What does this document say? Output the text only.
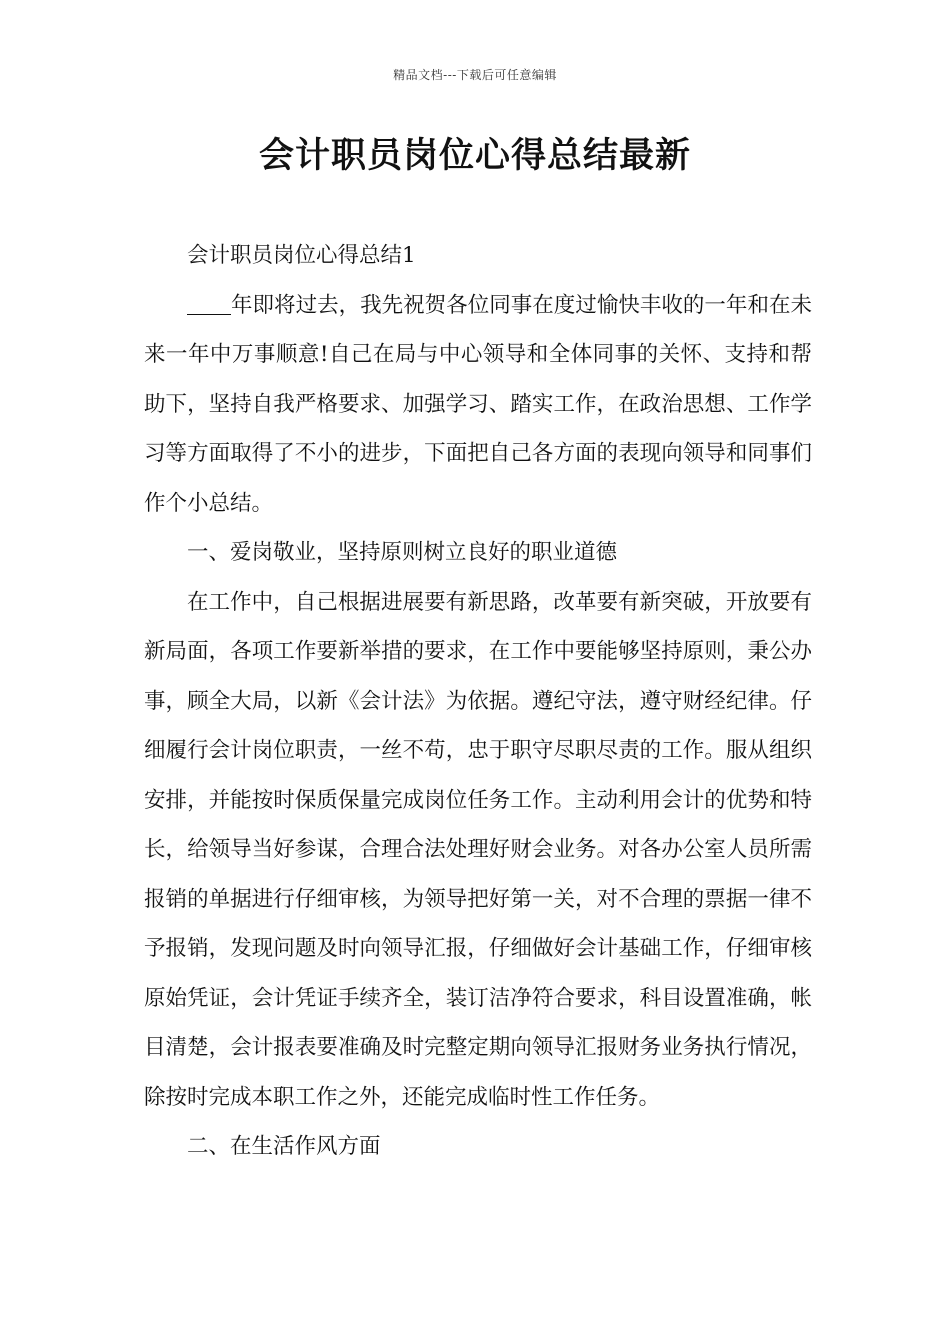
精品文档---下载后可任意编辑
会计职员岗位心得总结最新

会计职员岗位心得总结1

年即将过去，我先祝贺各位同事在度过愉快丰收的一年和在未来一年中万事顺意!自己在局与中心领导和全体同事的关怀、支持和帮助下，坚持自我严格要求、加强学习、踏实工作，在政治思想、工作学习等方面取得了不小的进步，下面把自己各方面的表现向领导和同事们作个小总结。

一、爱岗敬业，坚持原则树立良好的职业道德

在工作中，自己根据进展要有新思路，改革要有新突破，开放要有新局面，各项工作要新举措的要求，在工作中要能够坚持原则，秉公办事，顾全大局，以新《会计法》为依据。遵纪守法，遵守财经纪律。仔细履行会计岗位职责，一丝不苟，忠于职守尽职尽责的工作。服从组织安排，并能按时保质保量完成岗位任务工作。主动利用会计的优势和特长，给领导当好参谋，合理合法处理好财会业务。对各办公室人员所需报销的单据进行仔细审核，为领导把好第一关，对不合理的票据一律不予报销，发现问题及时向领导汇报，仔细做好会计基础工作，仔细审核原始凭证，会计凭证手续齐全，装订洁净符合要求，科目设置准确，帐目清楚，会计报表要准确及时完整定期向领导汇报财务业务执行情况，除按时完成本职工作之外，还能完成临时性工作任务。

二、在生活作风方面
